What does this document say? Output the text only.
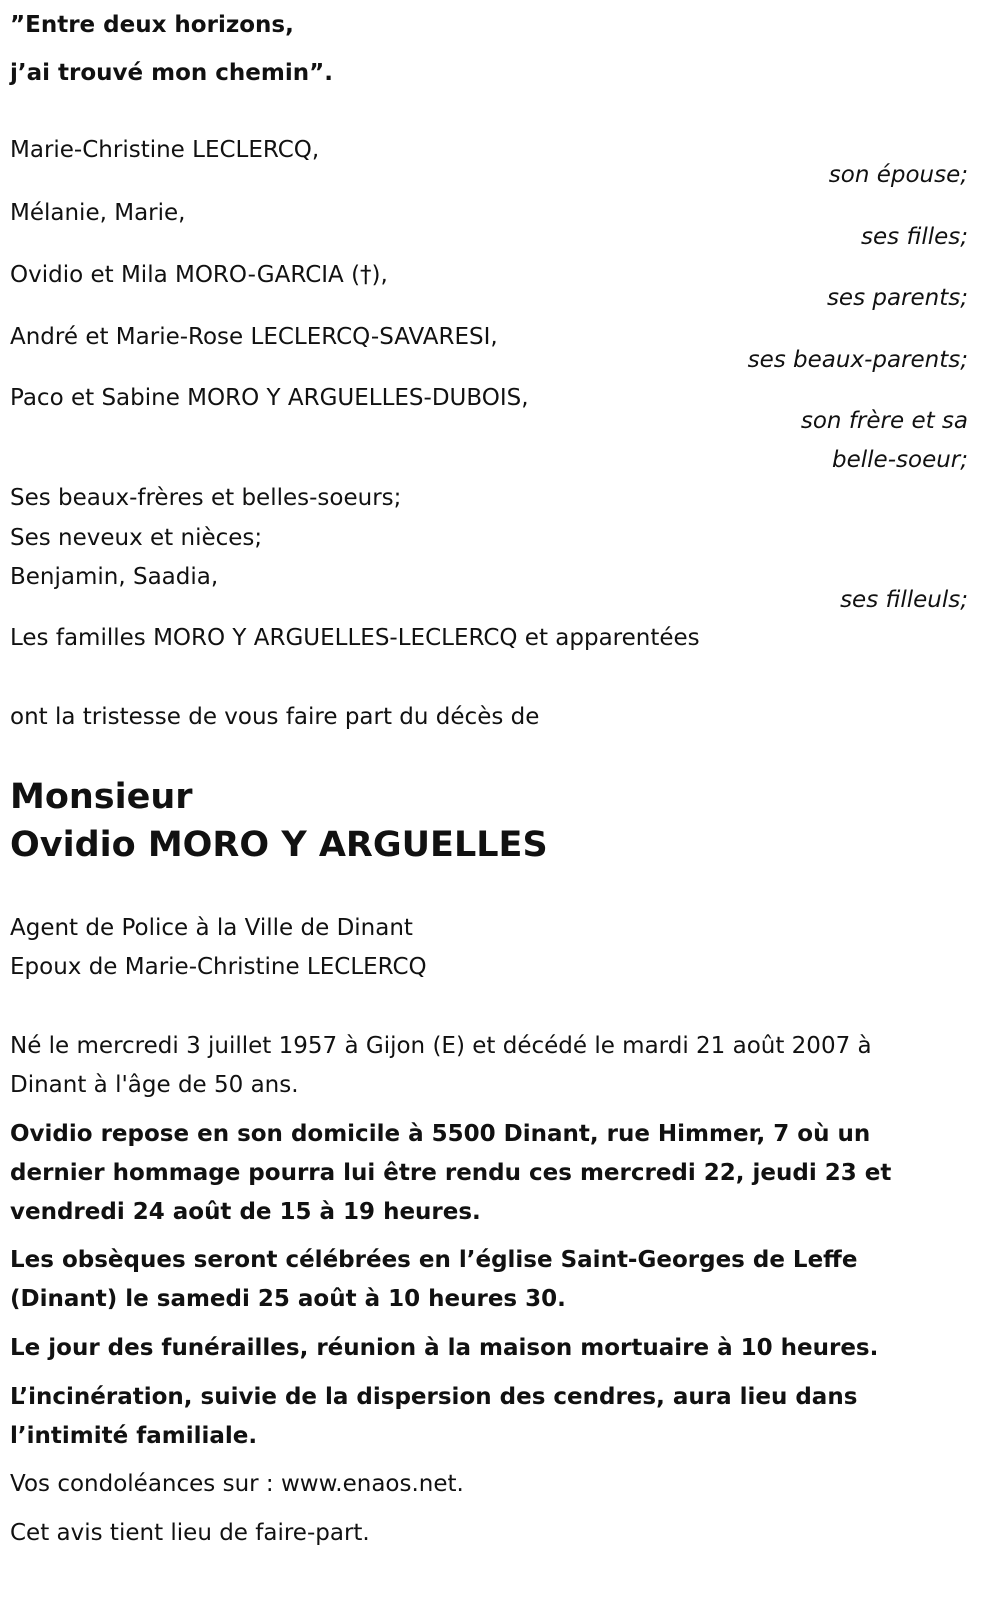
”Entre deux horizons,
j’ai trouvé mon chemin”.
Marie-Christine LECLERCQ,
son épouse;
Mélanie, Marie,
ses filles;
Ovidio et Mila MORO-GARCIA (†),
ses parents;
André et Marie-Rose LECLERCQ-SAVARESI,
ses beaux-parents;
Paco et Sabine MORO Y ARGUELLES-DUBOIS,
son frère et sa
belle-soeur;
Ses beaux-frères et belles-soeurs;
Ses neveux et nièces;
Benjamin, Saadia,
ses filleuls;
Les familles MORO Y ARGUELLES-LECLERCQ et apparentées
ont la tristesse de vous faire part du décès de
Monsieur
Ovidio MORO Y ARGUELLES
Agent de Police à la Ville de Dinant
Epoux de Marie-Christine LECLERCQ
Né le mercredi 3 juillet 1957 à Gijon (E) et décédé le mardi 21 août 2007 à
Dinant à l'âge de 50 ans.
Ovidio repose en son domicile à 5500 Dinant, rue Himmer, 7 où un
dernier hommage pourra lui être rendu ces mercredi 22, jeudi 23 et
vendredi 24 août de 15 à 19 heures.
Les obsèques seront célébrées en l’église Saint-Georges de Leffe
(Dinant) le samedi 25 août à 10 heures 30.
Le jour des funérailles, réunion à la maison mortuaire à 10 heures.
L’incinération, suivie de la dispersion des cendres, aura lieu dans
l’intimité familiale.
Vos condoléances sur : www.enaos.net.
Cet avis tient lieu de faire-part.
